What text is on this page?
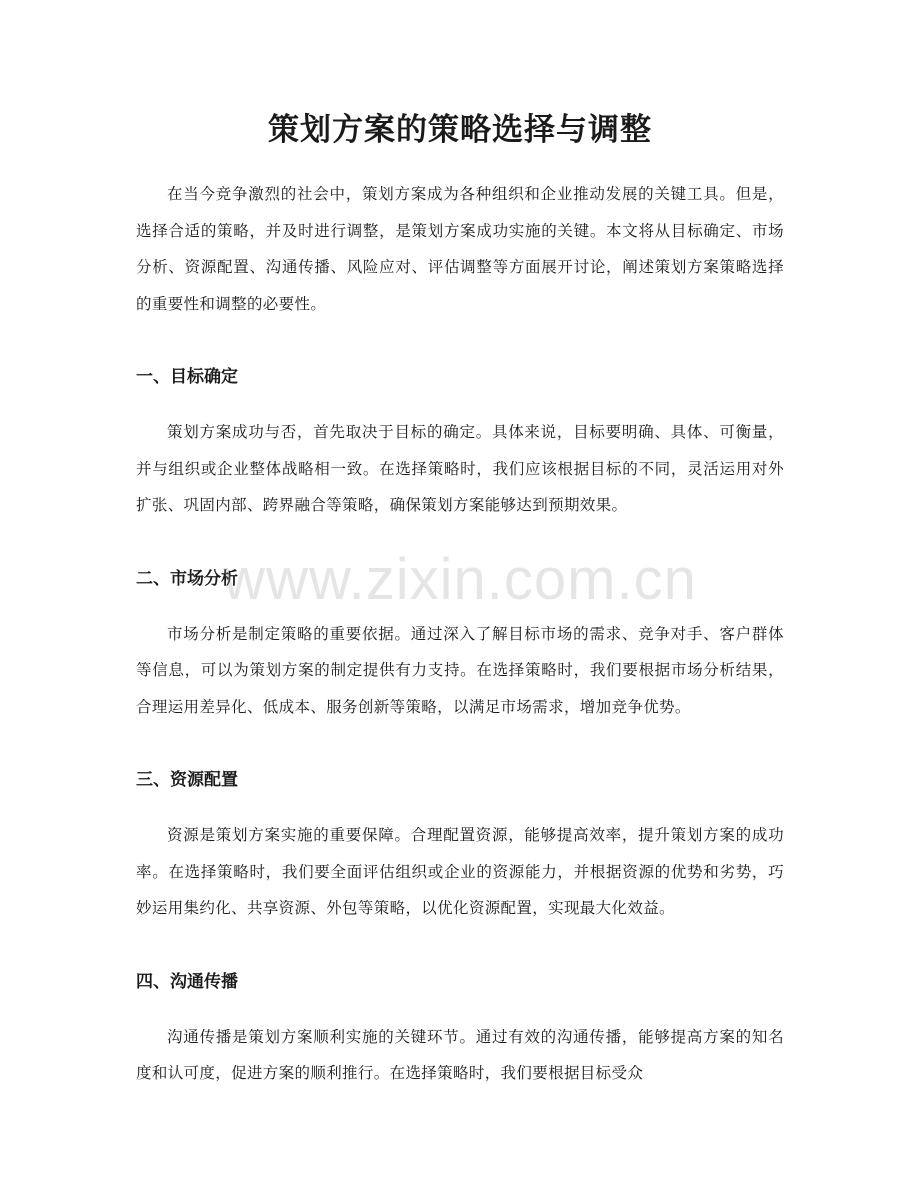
策划方案的策略选择与调整

在当今竞争激烈的社会中，策划方案成为各种组织和企业推动发展的关键工具。但是，选择合适的策略，并及时进行调整，是策划方案成功实施的关键。本文将从目标确定、市场分析、资源配置、沟通传播、风险应对、评估调整等方面展开讨论，阐述策划方案策略选择的重要性和调整的必要性。

一、目标确定

策划方案成功与否，首先取决于目标的确定。具体来说，目标要明确、具体、可衡量，并与组织或企业整体战略相一致。在选择策略时，我们应该根据目标的不同，灵活运用对外扩张、巩固内部、跨界融合等策略，确保策划方案能够达到预期效果。

二、市场分析

市场分析是制定策略的重要依据。通过深入了解目标市场的需求、竞争对手、客户群体等信息，可以为策划方案的制定提供有力支持。在选择策略时，我们要根据市场分析结果，合理运用差异化、低成本、服务创新等策略，以满足市场需求，增加竞争优势。

三、资源配置

资源是策划方案实施的重要保障。合理配置资源，能够提高效率，提升策划方案的成功率。在选择策略时，我们要全面评估组织或企业的资源能力，并根据资源的优势和劣势，巧妙运用集约化、共享资源、外包等策略，以优化资源配置，实现最大化效益。

四、沟通传播

沟通传播是策划方案顺利实施的关键环节。通过有效的沟通传播，能够提高方案的知名度和认可度，促进方案的顺利推行。在选择策略时，我们要根据目标受众

www.zixin.com.cn
